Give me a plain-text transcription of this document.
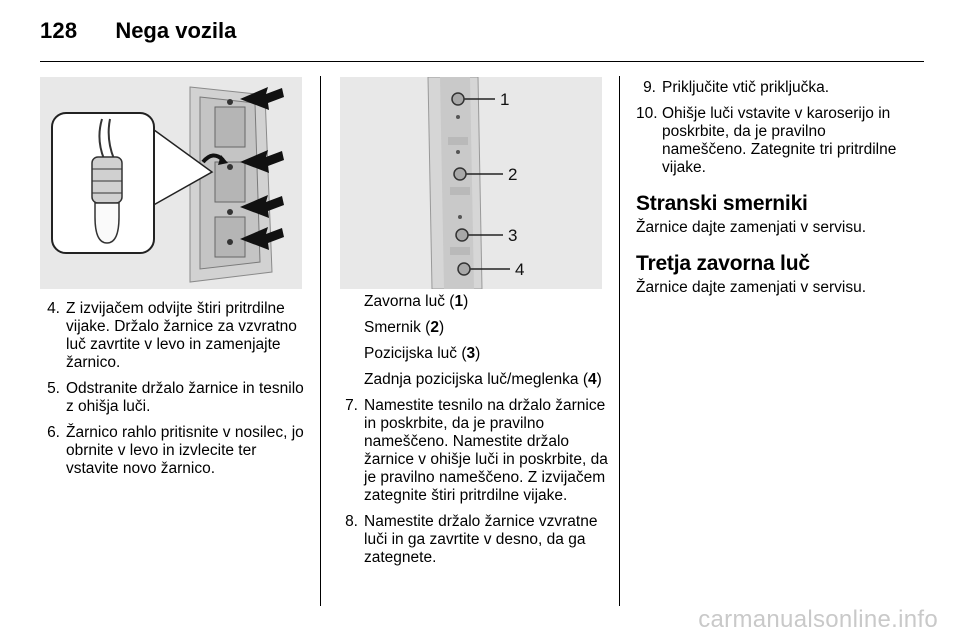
128 Nega vozila
1
2
3
4
4. Z izvijačem odvijte štiri pritrdilne vijake. Držalo žarnice za vzvratno luč zavrtite v levo in zamenjajte žarnico.
5. Odstranite držalo žarnice in tesnilo z ohišja luči.
6. Žarnico rahlo pritisnite v nosilec, jo obrnite v levo in izvlecite ter vstavite novo žarnico.
Zavorna luč (1)
Smernik (2)
Pozicijska luč (3)
Zadnja pozicijska luč/meglenka (4)
7. Namestite tesnilo na držalo žarnice in poskrbite, da je pravilno nameščeno. Namestite držalo žarnice v ohišje luči in poskrbite, da je pravilno nameščeno. Z izvijačem zategnite štiri pritrdilne vijake.
8. Namestite držalo žarnice vzvratne luči in ga zavrtite v desno, da ga zategnete.
9. Priključite vtič priključka.
10. Ohišje luči vstavite v karoserijo in poskrbite, da je pravilno nameščeno. Zategnite tri pritrdilne vijake.
Stranski smerniki

Žarnice dajte zamenjati v servisu.

Tretja zavorna luč

Žarnice dajte zamenjati v servisu.

carmanualsonline.info
